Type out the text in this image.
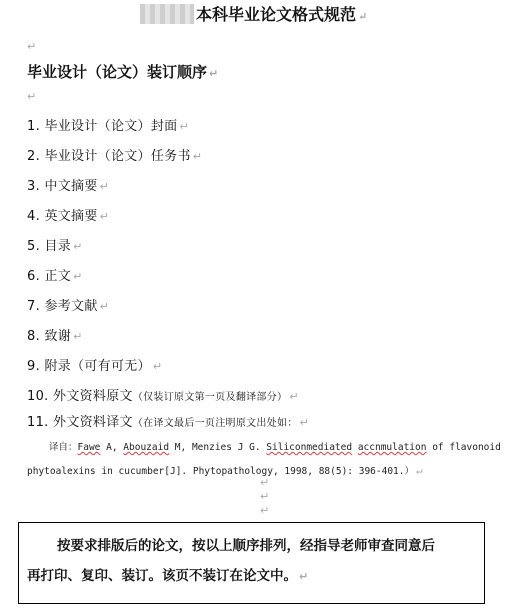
本科毕业论文格式规范 ↵
↵
毕业设计（论文）装订顺序 ↵
↵
1. 毕业设计（论文）封面 ↵
2. 毕业设计（论文）任务书 ↵
3. 中文摘要 ↵
4. 英文摘要 ↵
5. 目录 ↵
6. 正文 ↵
7. 参考文献 ↵
8. 致谢 ↵
9. 附录（可有可无） ↵
10. 外文资料原文（仅装订原文第一页及翻译部分） ↵
11. 外文资料译文（在译文最后一页注明原文出处如： ↵
译自：Fawe A, Abouzaid M, Menzies J G. Siliconmediated accnmulation of flavonoid
phytoalexins in cucumber[J]. Phytopathology, 1998, 88(5): 396-401.） ↵
↵
↵
↵
按要求排版后的论文，按以上顺序排列，经指导老师审查同意后
再打印、复印、装订。该页不装订在论文中。 ↵
